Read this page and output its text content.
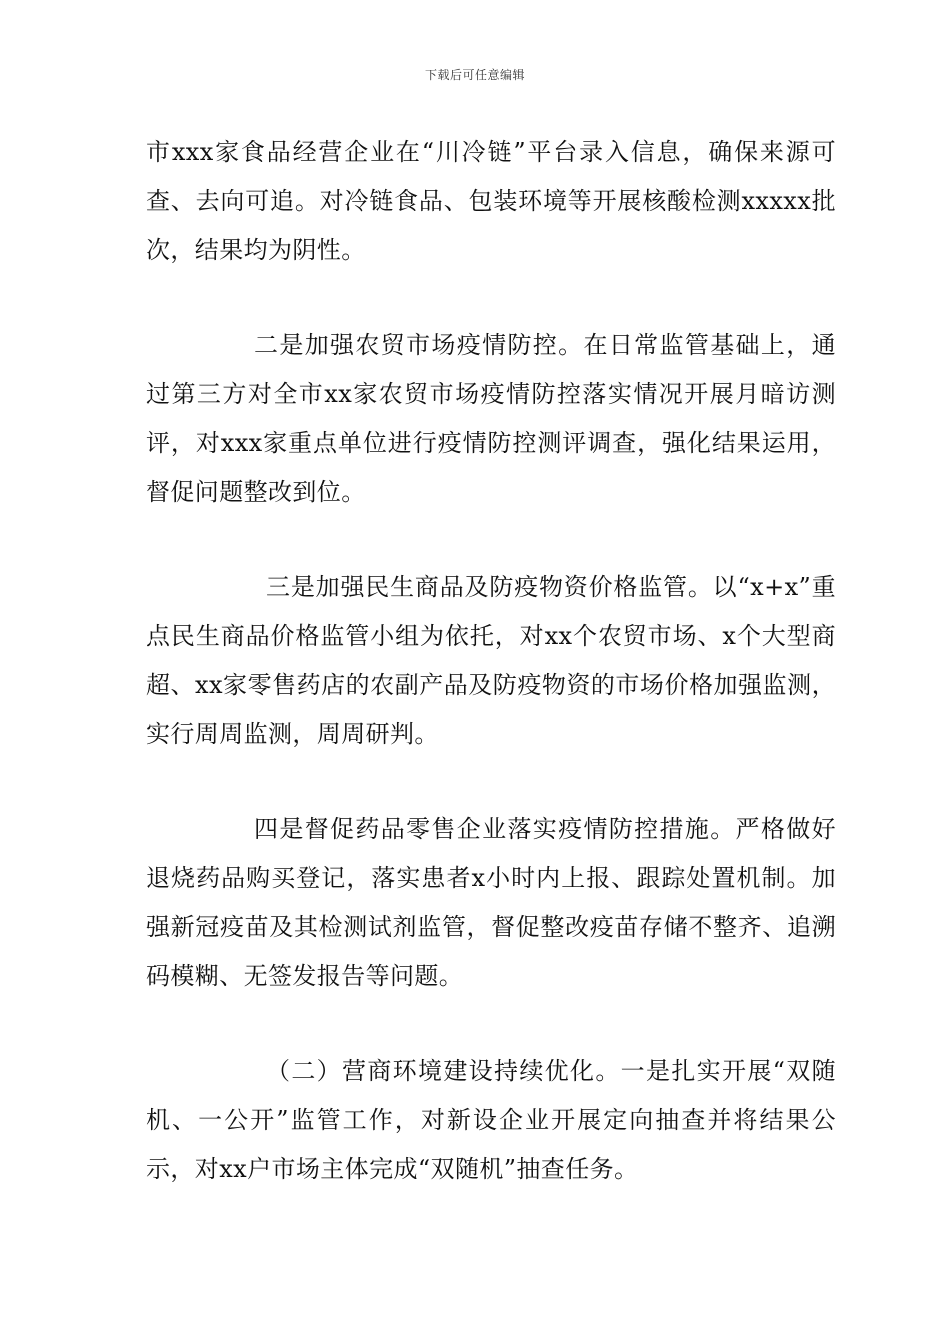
下载后可任意编辑

市xxx家食品经营企业在“川冷链”平台录入信息，确保来源可查、去向可追。对冷链食品、包装环境等开展核酸检测xxxxx批次，结果均为阴性。

二是加强农贸市场疫情防控。在日常监管基础上，通过第三方对全市xx家农贸市场疫情防控落实情况开展月暗访测评，对xxx家重点单位进行疫情防控测评调查，强化结果运用，督促问题整改到位。

三是加强民生商品及防疫物资价格监管。以“x+x”重点民生商品价格监管小组为依托，对xx个农贸市场、x个大型商超、xx家零售药店的农副产品及防疫物资的市场价格加强监测，实行周周监测，周周研判。

四是督促药品零售企业落实疫情防控措施。严格做好退烧药品购买登记，落实患者x小时内上报、跟踪处置机制。加强新冠疫苗及其检测试剂监管，督促整改疫苗存储不整齐、追溯码模糊、无签发报告等问题。

（二）营商环境建设持续优化。一是扎实开展“双随机、一公开”监管工作，对新设企业开展定向抽查并将结果公示，对xx户市场主体完成“双随机”抽查任务。
